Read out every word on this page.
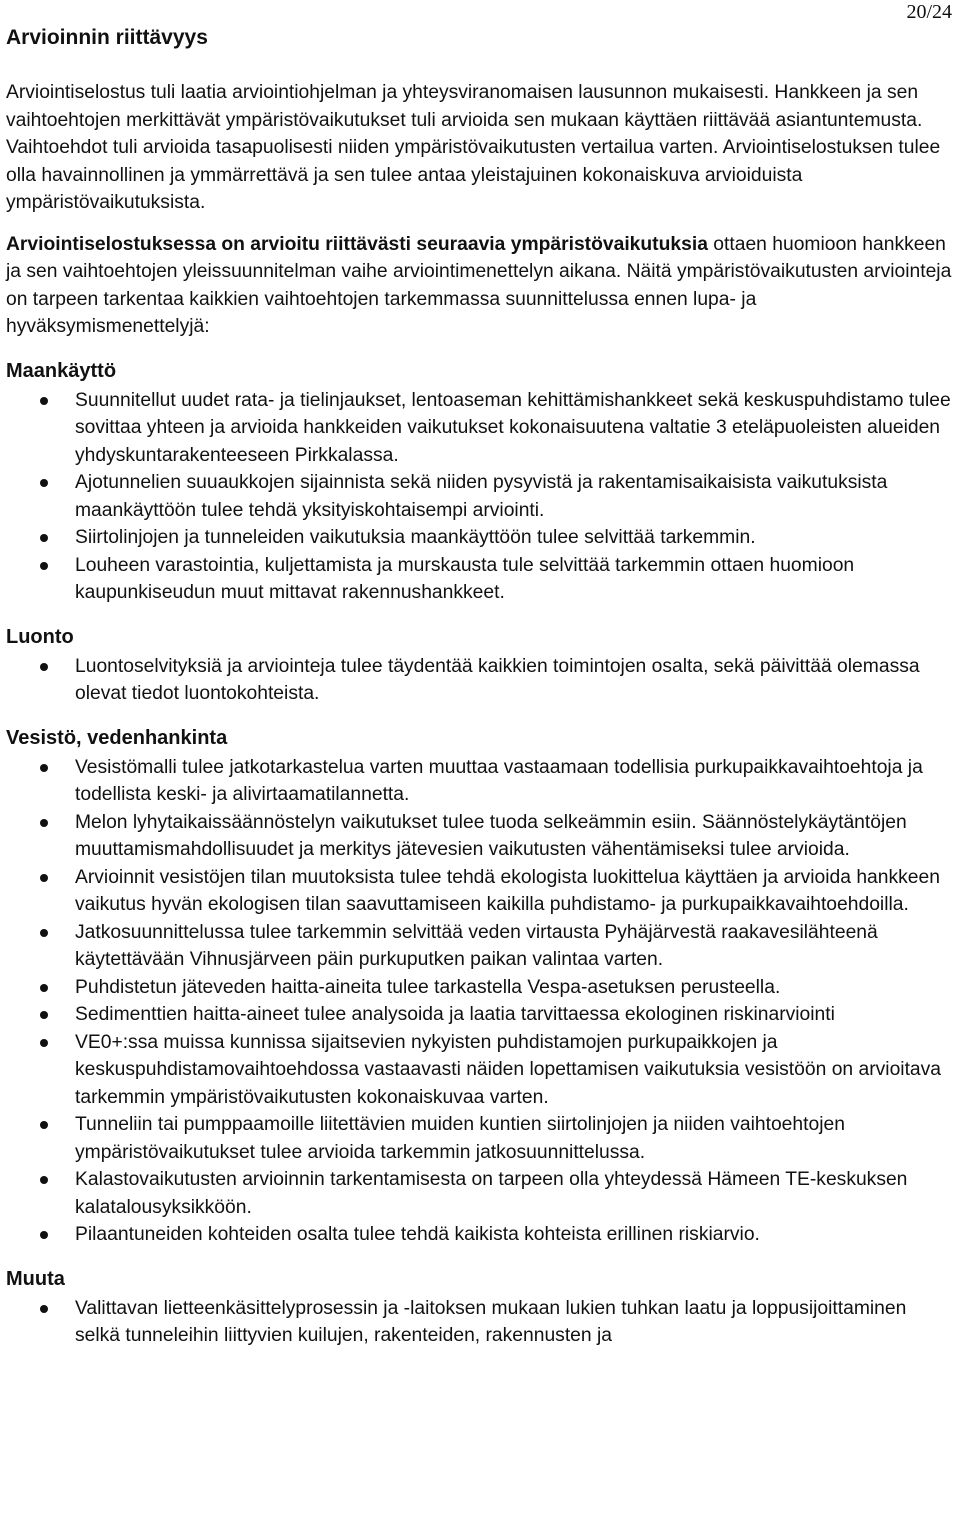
20/24
Arvioinnin riittävyys

Arviointiselostus tuli laatia arviointiohjelman ja yhteysviranomaisen lausunnon mukaisesti. Hankkeen ja sen vaihtoehtojen merkittävät ympäristövaikutukset tuli arvioida sen mukaan käyttäen riittävää asiantuntemusta. Vaihtoehdot tuli arvioida tasapuolisesti niiden ympäristövaikutusten vertailua varten. Arviointiselostuksen tulee olla havainnollinen ja ymmärrettävä ja sen tulee antaa yleistajuinen kokonaiskuva arvioiduista ympäristövaikutuksista.

Arviointiselostuksessa on arvioitu riittävästi seuraavia ympäristövaikutuksia ottaen huomioon hankkeen ja sen vaihtoehtojen yleissuunnitelman vaihe arviointimenettelyn aikana. Näitä ympäristövaikutusten arviointeja on tarpeen tarkentaa kaikkien vaihtoehtojen tarkemmassa suunnittelussa ennen lupa- ja hyväksymismenettelyjä:

Maankäyttö
Suunnitellut uudet rata- ja tielinjaukset, lentoaseman kehittämishankkeet sekä keskuspuhdistamo tulee sovittaa yhteen ja arvioida hankkeiden vaikutukset kokonaisuutena valtatie 3 eteläpuoleisten alueiden yhdyskuntarakenteeseen Pirkkalassa.
Ajotunnelien suuaukkojen sijainnista sekä niiden pysyvistä ja rakentamisaikaisista vaikutuksista maankäyttöön tulee tehdä yksityiskohtaisempi arviointi.
Siirtolinjojen ja tunneleiden vaikutuksia maankäyttöön tulee selvittää tarkemmin.
Louheen varastointia, kuljettamista ja murskausta tule selvittää tarkemmin ottaen huomioon kaupunkiseudun muut mittavat rakennushankkeet.
Luonto
Luontoselvityksiä ja arviointeja tulee täydentää kaikkien toimintojen osalta, sekä päivittää olemassa olevat tiedot luontokohteista.
Vesistö, vedenhankinta
Vesistömalli tulee jatkotarkastelua varten muuttaa vastaamaan todellisia purkupaikkavaihtoehtoja ja todellista keski- ja alivirtaamatilannetta.
Melon lyhytaikaissäännöstelyn vaikutukset tulee tuoda selkeämmin esiin. Säännöstelykäytäntöjen muuttamismahdollisuudet ja merkitys jätevesien vaikutusten vähentämiseksi tulee arvioida.
Arvioinnit vesistöjen tilan muutoksista tulee tehdä ekologista luokittelua käyttäen ja arvioida hankkeen vaikutus hyvän ekologisen tilan saavuttamiseen kaikilla puhdistamo- ja purkupaikkavaihtoehdoilla.
Jatkosuunnittelussa tulee tarkemmin selvittää veden virtausta Pyhäjärvestä raakavesilähteenä käytettävään Vihnusjärveen päin purkuputken paikan valintaa varten.
Puhdistetun jäteveden haitta-aineita tulee tarkastella Vespa-asetuksen perusteella.
Sedimenttien haitta-aineet tulee analysoida ja laatia tarvittaessa ekologinen riskinarviointi
VE0+:ssa muissa kunnissa sijaitsevien nykyisten puhdistamojen purkupaikkojen ja keskuspuhdistamovaihtoehdossa vastaavasti näiden lopettamisen vaikutuksia vesistöön on arvioitava tarkemmin ympäristövaikutusten kokonaiskuvaa varten.
Tunneliin tai pumppaamoille liitettävien muiden kuntien siirtolinjojen ja niiden vaihtoehtojen ympäristövaikutukset tulee arvioida tarkemmin jatkosuunnittelussa.
Kalastovaikutusten arvioinnin tarkentamisesta on tarpeen olla yhteydessä Hämeen TE-keskuksen kalatalousyksikköön.
Pilaantuneiden kohteiden osalta tulee tehdä kaikista kohteista erillinen riskiarvio.
Muuta
Valittavan lietteenkäsittelyprosessin ja -laitoksen mukaan lukien tuhkan laatu ja loppusijoittaminen selkä tunneleihin liittyvien kuilujen, rakenteiden, rakennusten ja
